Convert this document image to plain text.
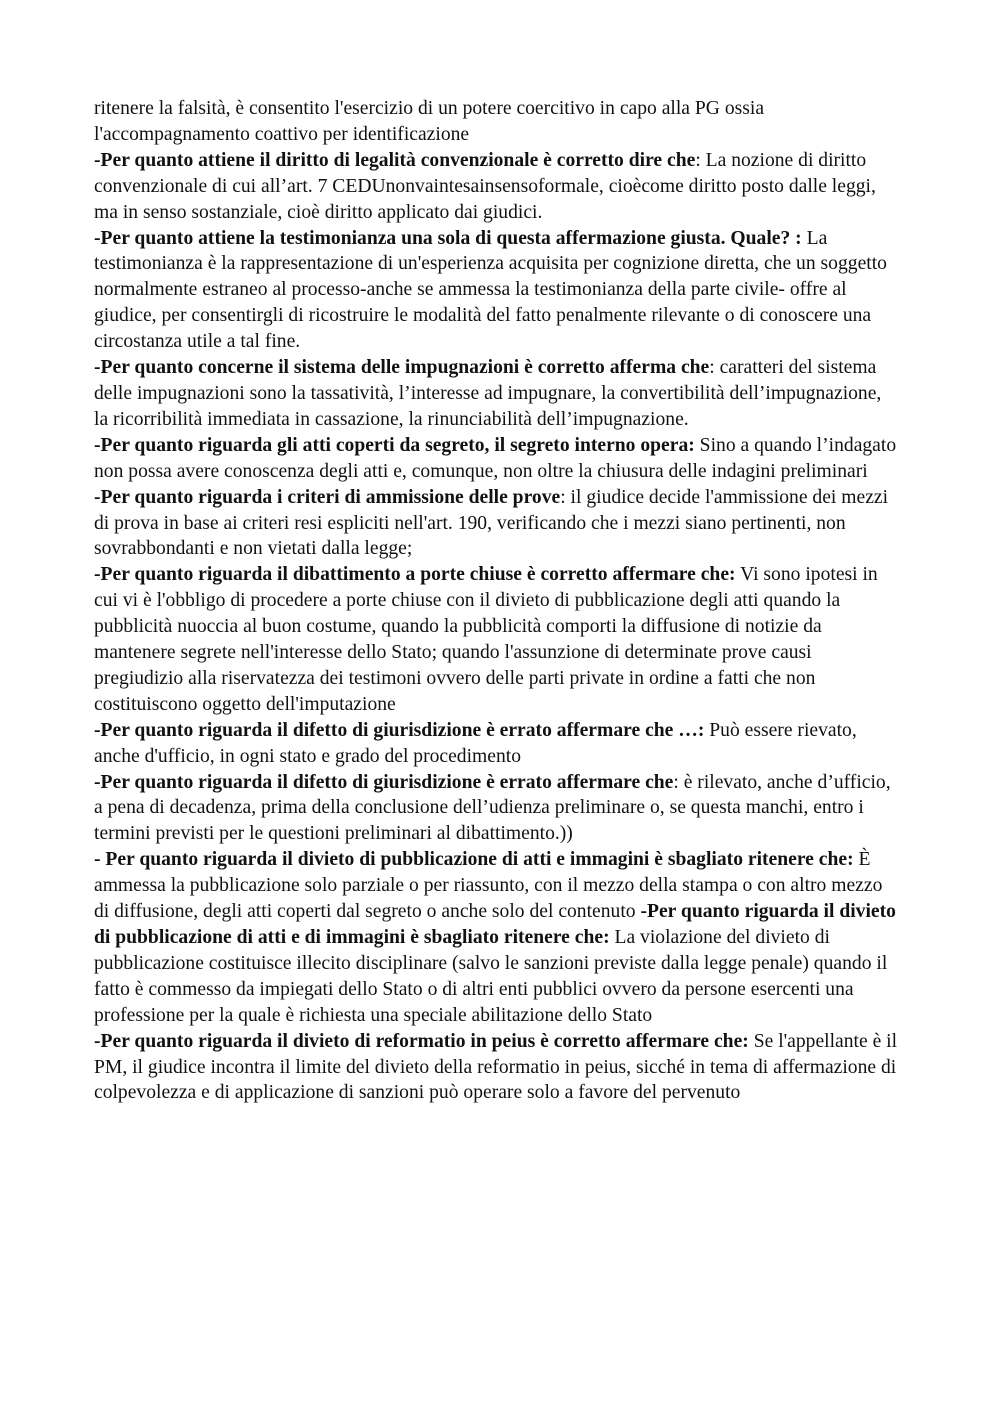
ritenere la falsità, è consentito l'esercizio di un potere coercitivo in capo alla PG ossia l'accompagnamento coattivo per identificazione
-Per quanto attiene il diritto di legalità convenzionale è corretto dire che: La nozione di diritto convenzionale di cui all’art. 7 CEDUnonvaintesainsensoformale, cioècome diritto posto dalle leggi, ma in senso sostanziale, cioè diritto applicato dai giudici.
-Per quanto attiene la testimonianza una sola di questa affermazione giusta. Quale? : La testimonianza è la rappresentazione di un'esperienza acquisita per cognizione diretta, che un soggetto normalmente estraneo al processo-anche se ammessa la testimonianza della parte civile- offre al giudice, per consentirgli di ricostruire le modalità del fatto penalmente rilevante o di conoscere una circostanza utile a tal fine.
-Per quanto concerne il sistema delle impugnazioni è corretto afferma che: caratteri del sistema delle impugnazioni sono la tassatività, l’interesse ad impugnare, la convertibilità dell’impugnazione, la ricorribilità immediata in cassazione, la rinunciabilità dell’impugnazione.
-Per quanto riguarda gli atti coperti da segreto, il segreto interno opera: Sino a quando l’indagato non possa avere conoscenza degli atti e, comunque, non oltre la chiusura delle indagini preliminari
-Per quanto riguarda i criteri di ammissione delle prove: il giudice decide l'ammissione dei mezzi di prova in base ai criteri resi espliciti nell'art. 190, verificando che i mezzi siano pertinenti, non sovrabbondanti e non vietati dalla legge;
-Per quanto riguarda il dibattimento a porte chiuse è corretto affermare che: Vi sono ipotesi in cui vi è l'obbligo di procedere a porte chiuse con il divieto di pubblicazione degli atti quando la pubblicità nuoccia al buon costume, quando la pubblicità comporti la diffusione di notizie da mantenere segrete nell'interesse dello Stato; quando l'assunzione di determinate prove causi pregiudizio alla riservatezza dei testimoni ovvero delle parti private in ordine a fatti che non costituiscono oggetto dell'imputazione
-Per quanto riguarda il difetto di giurisdizione è errato affermare che …: Può essere rievato, anche d'ufficio, in ogni stato e grado del procedimento
-Per quanto riguarda il difetto di giurisdizione è errato affermare che: è rilevato, anche d’ufficio, a pena di decadenza, prima della conclusione dell’udienza preliminare o, se questa manchi, entro i termini previsti per le questioni preliminari al dibattimento.))
- Per quanto riguarda il divieto di pubblicazione di atti e immagini è sbagliato ritenere che: È ammessa la pubblicazione solo parziale o per riassunto, con il mezzo della stampa o con altro mezzo di diffusione, degli atti coperti dal segreto o anche solo del contenuto -Per quanto riguarda il divieto di pubblicazione di atti e di immagini è sbagliato ritenere che: La violazione del divieto di pubblicazione costituisce illecito disciplinare (salvo le sanzioni previste dalla legge penale) quando il fatto è commesso da impiegati dello Stato o di altri enti pubblici ovvero da persone esercenti una professione per la quale è richiesta una speciale abilitazione dello Stato
-Per quanto riguarda il divieto di reformatio in peius è corretto affermare che: Se l'appellante è il PM, il giudice incontra il limite del divieto della reformatio in peius, sicché in tema di affermazione di colpevolezza e di applicazione di sanzioni può operare solo a favore del pervenuto
